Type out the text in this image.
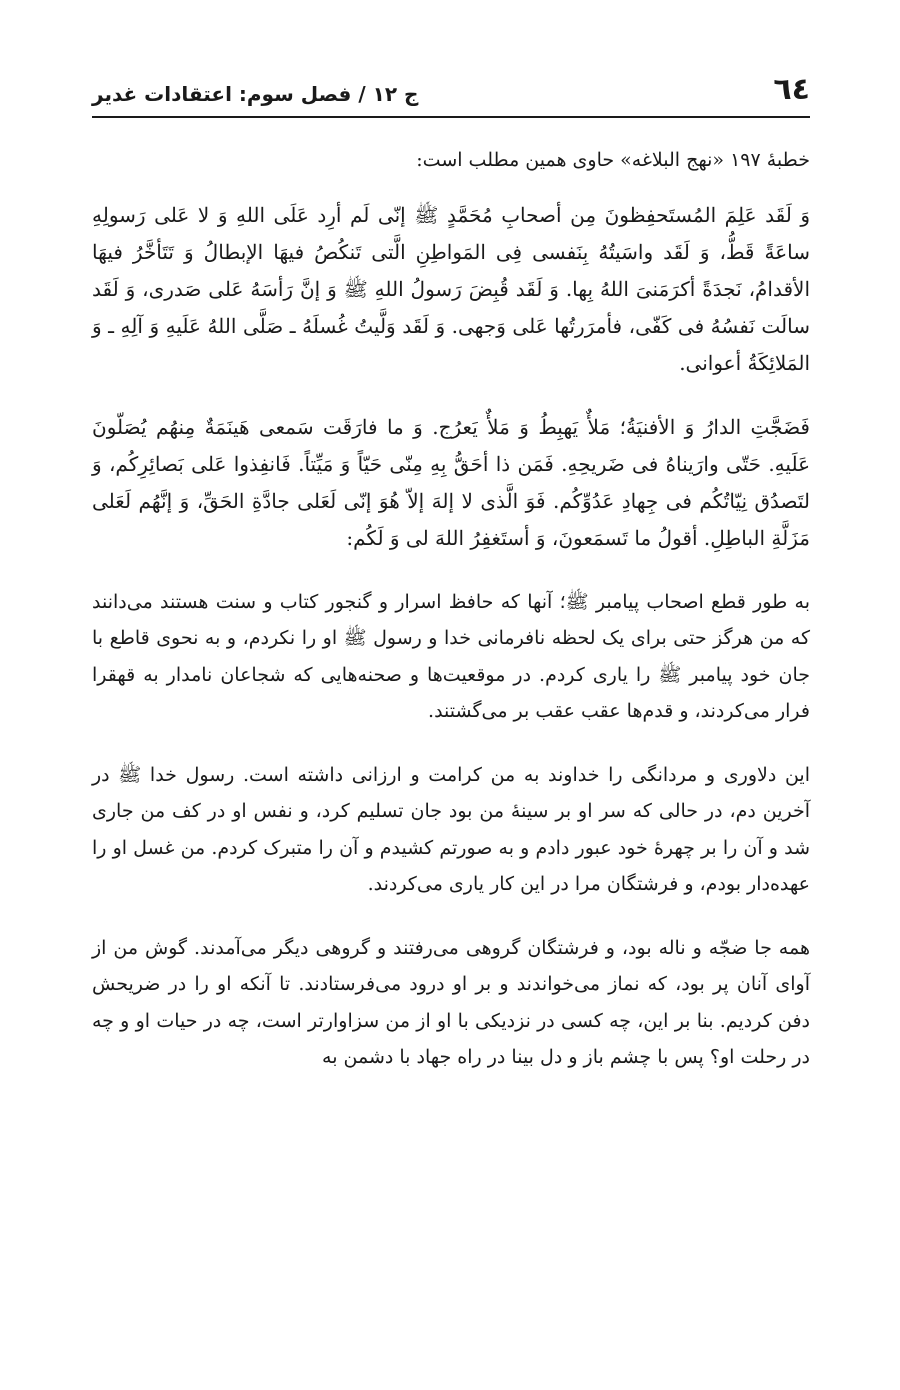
٦٤
ج ۱۲ / فصل سوم: اعتقادات غدیر

خطبهٔ ۱۹۷ «نهج البلاغه» حاوی همین مطلب است:

وَ لَقَد عَلِمَ المُستَحفِظونَ مِن أصحابِ مُحَمَّدٍ ﷺ إنّی لَم أرِد عَلَی اللهِ وَ لا عَلی رَسولِهِ ساعَةً قَطُّ، وَ لَقَد واسَیتُهُ بِنَفسی فِی المَواطِنِ الَّتی تَنکُصُ فیهَا الإبطالُ وَ تَتَأخَّرُ فیهَا الأقدامُ، نَجدَةً أکرَمَنیَ اللهُ بِها. وَ لَقَد قُبِضَ رَسولُ اللهِ ﷺ وَ إنَّ رَأسَهُ عَلی صَدری، وَ لَقَد سالَت نَفسُهُ فی کَفّی، فأمرَرتُها عَلی وَجهی. وَ لَقَد وَلَّیتُ غُسلَهُ ـ صَلَّی اللهُ عَلَیهِ وَ آلِهِ ـ وَ المَلائِکَةُ أعوانی.

فَضَجَّتِ الدارُ وَ الأفنیَةُ؛ مَلأٌ یَهبِطُ وَ مَلأٌ یَعرُج. وَ ما فارَقَت سَمعی هَینَمَةٌ مِنهُم یُصَلّونَ عَلَیهِ. حَتّی وارَیناهُ فی ضَریحِهِ. فَمَن ذا أحَقُّ بِهِ مِنّی حَیّاً وَ مَیِّتاً. فَانفِذوا عَلی بَصائِرِکُم، وَ لتَصدُق نِیّاتُکُم فی جِهادِ عَدُوِّکُم. فَوَ الَّذی لا إلهَ إلاّ هُوَ إنّی لَعَلی جادَّةِ الحَقِّ، وَ إنَّهُم لَعَلی مَزَلَّةِ الباطِلِ. أقولُ ما تَسمَعونَ، وَ أستَغفِرُ اللهَ لی وَ لَکُم:

به طور قطع اصحاب پیامبر ﷺ؛ آنها که حافظ اسرار و گنجور کتاب و سنت هستند می‌دانند که من هرگز حتی برای یک لحظه نافرمانی خدا و رسول ﷺ او را نکردم، و به نحوی قاطع با جان خود پیامبر ﷺ را یاری کردم. در موقعیت‌ها و صحنه‌هایی که شجاعان نامدار به قهقرا فرار می‌کردند، و قدم‌ها عقب عقب بر می‌گشتند.

این دلاوری و مردانگی را خداوند به من کرامت و ارزانی داشته است. رسول خدا ﷺ در آخرین دم، در حالی که سر او بر سینهٔ من بود جان تسلیم کرد، و نفس او در کف من جاری شد و آن را بر چهرهٔ خود عبور دادم و به صورتم کشیدم و آن را متبرک کردم. من غسل او را عهده‌دار بودم، و فرشتگان مرا در این کار یاری می‌کردند.

همه جا ضجّه و ناله بود، و فرشتگان گروهی می‌رفتند و گروهی دیگر می‌آمدند. گوش من از آوای آنان پر بود، که نماز می‌خواندند و بر او درود می‌فرستادند. تا آنکه او را در ضریحش دفن کردیم. بنا بر این، چه کسی در نزدیکی با او از من سزاوارتر است، چه در حیات او و چه در رحلت او؟ پس با چشم باز و دل بینا در راه جهاد با دشمن به
